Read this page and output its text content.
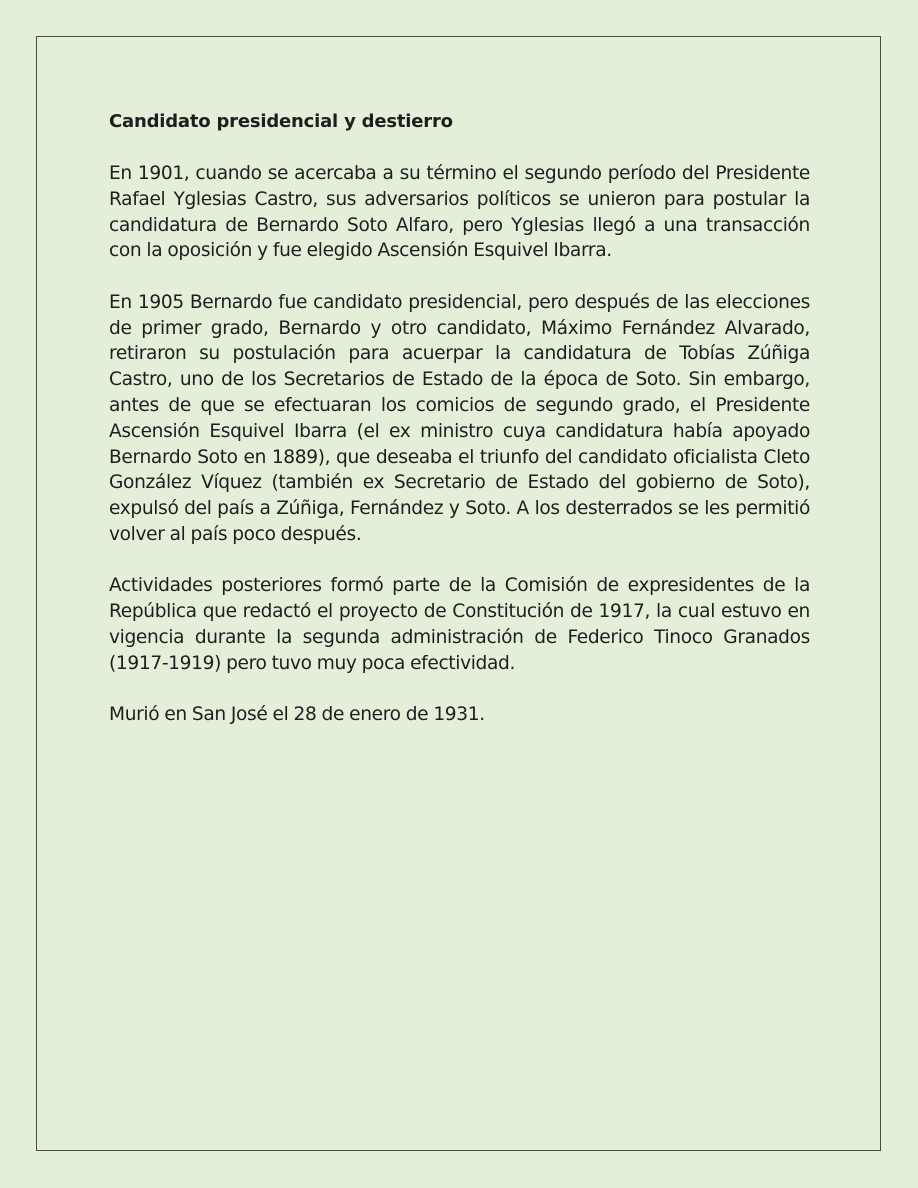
Candidato presidencial y destierro

En 1901, cuando se acercaba a su término el segundo período del Presidente Rafael Yglesias Castro, sus adversarios políticos se unieron para postular la candidatura de Bernardo Soto Alfaro, pero Yglesias llegó a una transacción con la oposición y fue elegido Ascensión Esquivel Ibarra.

En 1905 Bernardo fue candidato presidencial, pero después de las elecciones de primer grado, Bernardo y otro candidato, Máximo Fernández Alvarado, retiraron su postulación para acuerpar la candidatura de Tobías Zúñiga Castro, uno de los Secretarios de Estado de la época de Soto. Sin embargo, antes de que se efectuaran los comicios de segundo grado, el Presidente Ascensión Esquivel Ibarra (el ex ministro cuya candidatura había apoyado Bernardo Soto en 1889), que deseaba el triunfo del candidato oficialista Cleto González Víquez (también ex Secretario de Estado del gobierno de Soto), expulsó del país a Zúñiga, Fernández y Soto. A los desterrados se les permitió volver al país poco después.

Actividades posteriores formó parte de la Comisión de expresidentes de la República que redactó el proyecto de Constitución de 1917, la cual estuvo en vigencia durante la segunda administración de Federico Tinoco Granados (1917-1919) pero tuvo muy poca efectividad.

Murió en San José el 28 de enero de 1931.
